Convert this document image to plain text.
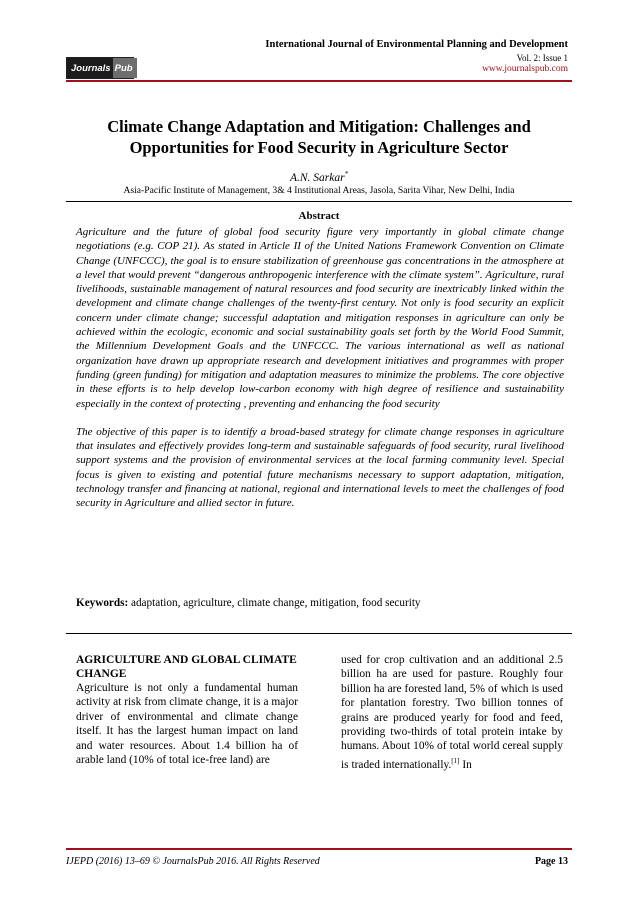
Journals Pub
International Journal of Environmental Planning and Development
Vol. 2: Issue 1
www.journalspub.com
Climate Change Adaptation and Mitigation: Challenges and Opportunities for Food Security in Agriculture Sector
A.N. Sarkar*
Asia-Pacific Institute of Management, 3& 4 Institutional Areas, Jasola, Sarita Vihar, New Delhi, India
Abstract

Agriculture and the future of global food security figure very importantly in global climate change negotiations (e.g. COP 21). As stated in Article II of the United Nations Framework Convention on Climate Change (UNFCCC), the goal is to ensure stabilization of greenhouse gas concentrations in the atmosphere at a level that would prevent “dangerous anthropogenic interference with the climate system”. Agriculture, rural livelihoods, sustainable management of natural resources and food security are inextricably linked within the development and climate change challenges of the twenty-first century. Not only is food security an explicit concern under climate change; successful adaptation and mitigation responses in agriculture can only be achieved within the ecologic, economic and social sustainability goals set forth by the World Food Summit, the Millennium Development Goals and the UNFCCC. The various international as well as national organization have drawn up appropriate research and development initiatives and programmes with proper funding (green funding) for mitigation and adaptation measures to minimize the problems. The core objective in these efforts is to help develop low-carbon economy with high degree of resilience and sustainability especially in the context of protecting , preventing and enhancing the food security

The objective of this paper is to identify a broad-based strategy for climate change responses in agriculture that insulates and effectively provides long-term and sustainable safeguards of food security, rural livelihood support systems and the provision of environmental services at the local farming community level. Special focus is given to existing and potential future mechanisms necessary to support adaptation, mitigation, technology transfer and financing at national, regional and international levels to meet the challenges of food security in Agriculture and allied sector in future.

Keywords: adaptation, agriculture, climate change, mitigation, food security

AGRICULTURE AND GLOBAL CLIMATE CHANGE

Agriculture is not only a fundamental human activity at risk from climate change, it is a major driver of environmental and climate change itself. It has the largest human impact on land and water resources. About 1.4 billion ha of arable land (10% of total ice-free land) are

used for crop cultivation and an additional 2.5 billion ha are used for pasture. Roughly four billion ha are forested land, 5% of which is used for plantation forestry. Two billion tonnes of grains are produced yearly for food and feed, providing two-thirds of total protein intake by humans. About 10% of total world cereal supply is traded internationally.[1] In

IJEPD (2016) 13–69 © JournalsPub 2016. All Rights Reserved	Page 13
